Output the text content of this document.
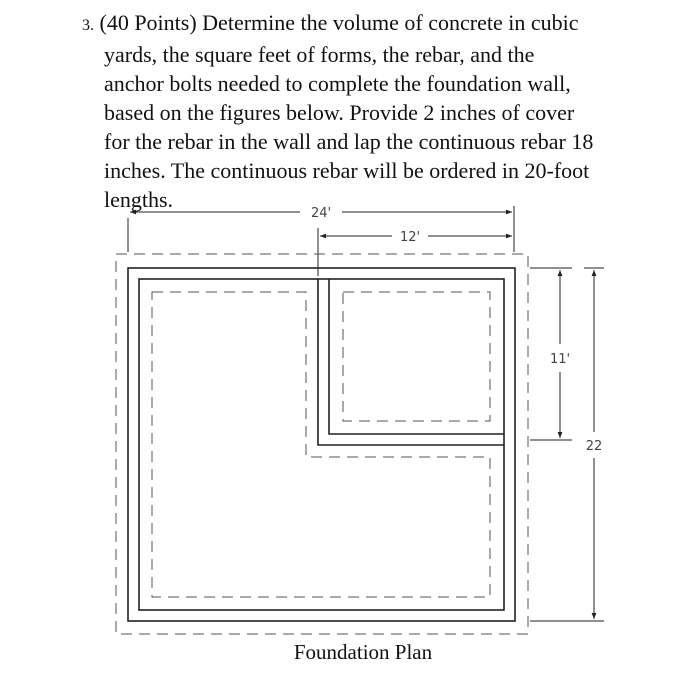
3. (40 Points) Determine the volume of concrete in cubic
yards, the square feet of forms, the rebar, and the
anchor bolts needed to complete the foundation wall,
based on the figures below. Provide 2 inches of cover
for the rebar in the wall and lap the continuous rebar 18
inches. The continuous rebar will be ordered in 20-foot
lengths.
24'
12'
11'
22
Foundation Plan
